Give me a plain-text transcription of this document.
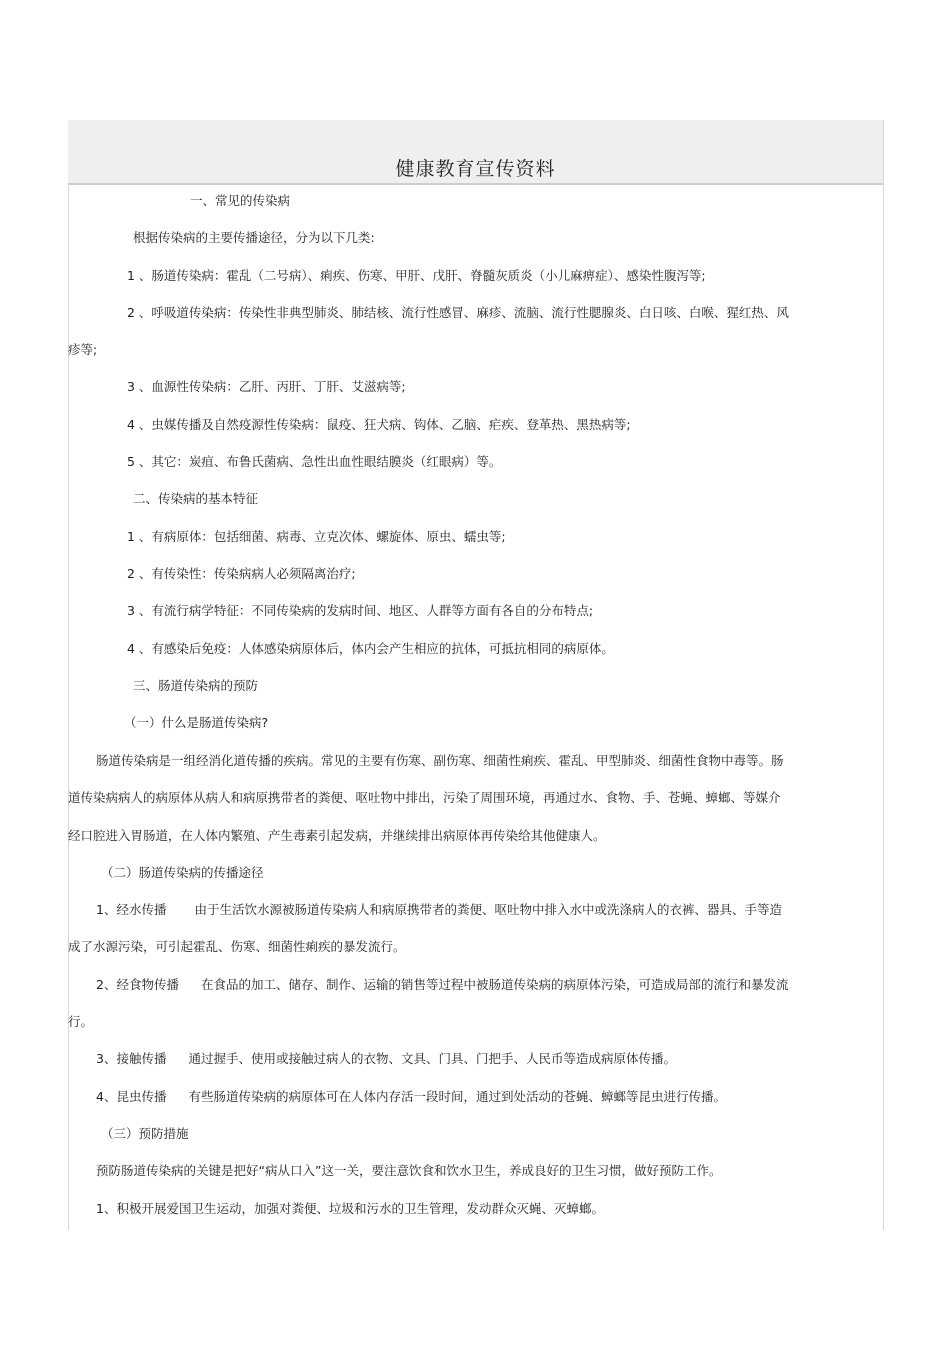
健康教育宣传资料
一、常见的传染病
根据传染病的主要传播途径，分为以下几类:
1 、肠道传染病：霍乱（二号病）、痢疾、伤寒、甲肝、戊肝、脊髓灰质炎（小儿麻痹症）、感染性腹泻等;
2 、呼吸道传染病：传染性非典型肺炎、肺结核、流行性感冒、麻疹、流脑、流行性腮腺炎、白日咳、白喉、猩红热、风
疹等;
3 、血源性传染病：乙肝、丙肝、丁肝、艾滋病等;
4 、虫媒传播及自然疫源性传染病：鼠疫、狂犬病、钩体、乙脑、疟疾、登革热、黑热病等;
5 、其它：炭疽、布鲁氏菌病、急性出血性眼结膜炎（红眼病）等。
二、传染病的基本特征
1 、有病原体：包括细菌、病毒、立克次体、螺旋体、原虫、蠕虫等;
2 、有传染性：传染病病人必须隔离治疗;
3 、有流行病学特征：不同传染病的发病时间、地区、人群等方面有各自的分布特点;
4 、有感染后免疫：人体感染病原体后，体内会产生相应的抗体，可抵抗相同的病原体。
三、肠道传染病的预防
（一）什么是肠道传染病?
肠道传染病是一组经消化道传播的疾病。常见的主要有伤寒、副伤寒、细菌性痢疾、霍乱、甲型肺炎、细菌性食物中毒等。肠
道传染病病人的病原体从病人和病原携带者的粪便、呕吐物中排出，污染了周围环境，再通过水、食物、手、苍蝇、蟑螂、等媒介
经口腔进入胃肠道，在人体内繁殖、产生毒素引起发病，并继续排出病原体再传染给其他健康人。
（二）肠道传染病的传播途径
1、经水传播 由于生活饮水源被肠道传染病人和病原携带者的粪便、呕吐物中排入水中或洗涤病人的衣裤、器具、手等造
成了水源污染，可引起霍乱、伤寒、细菌性痢疾的暴发流行。
2、经食物传播 在食品的加工、储存、制作、运输的销售等过程中被肠道传染病的病原体污染，可造成局部的流行和暴发流
行。
3、接触传播 通过握手、使用或接触过病人的衣物、文具、门具、门把手、人民币等造成病原体传播。
4、昆虫传播 有些肠道传染病的病原体可在人体内存活一段时间，通过到处活动的苍蝇、蟑螂等昆虫进行传播。
（三）预防措施
预防肠道传染病的关键是把好“病从口入”这一关，要注意饮食和饮水卫生，养成良好的卫生习惯，做好预防工作。
1、积极开展爱国卫生运动，加强对粪便、垃圾和污水的卫生管理，发动群众灭蝇、灭蟑螂。
